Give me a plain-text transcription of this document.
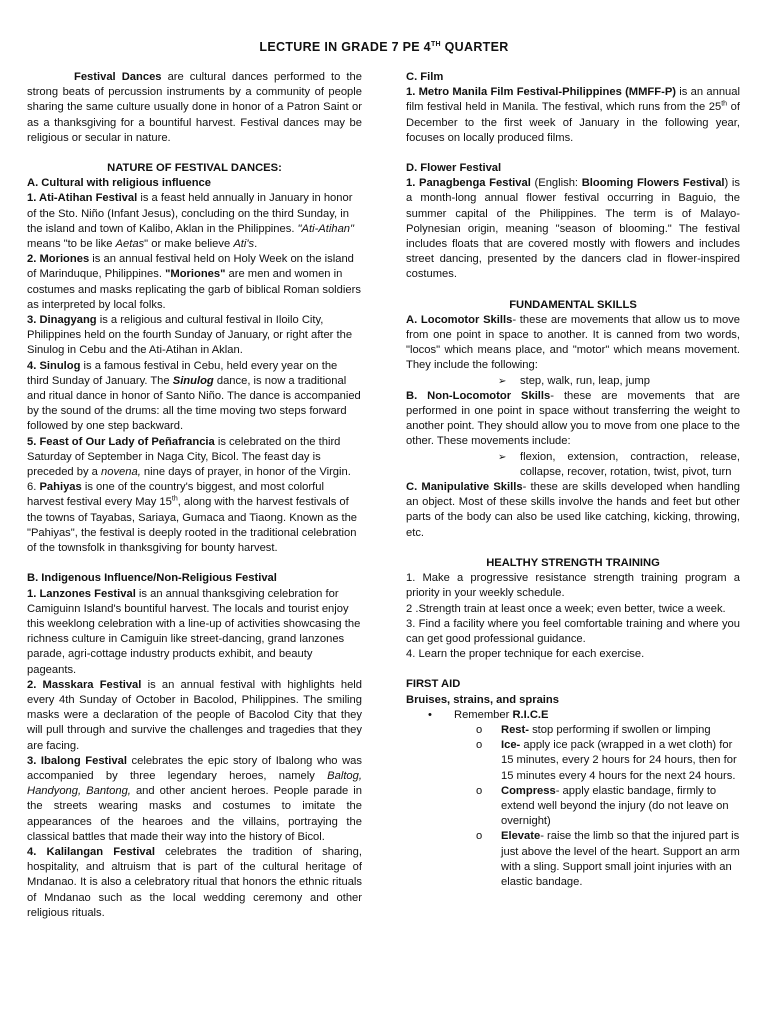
LECTURE IN GRADE 7 PE 4TH QUARTER

Festival Dances are cultural dances performed to the strong beats of percussion instruments by a community of people sharing the same culture usually done in honor of a Patron Saint or as a thanksgiving for a bountiful harvest. Festival dances may be religious or secular in nature.

NATURE OF FESTIVAL DANCES:

A. Cultural with religious influence

1. Ati-Atihan Festival is a feast held annually in January in honor of the Sto. Niño (Infant Jesus), concluding on the third Sunday, in the island and town of Kalibo, Aklan in the Philippines. "Ati-Atihan" means "to be like Aetas" or make believe Ati's.

2. Moriones is an annual festival held on Holy Week on the island of Marinduque, Philippines. "Moriones" are men and women in costumes and masks replicating the garb of biblical Roman soldiers as interpreted by local folks.

3. Dinagyang is a religious and cultural festival in Iloilo City, Philippines held on the fourth Sunday of January, or right after the Sinulog in Cebu and the Ati-Atihan in Aklan.

4. Sinulog is a famous festival in Cebu, held every year on the third Sunday of January. The Sinulog dance, is now a traditional and ritual dance in honor of Santo Niño. The dance is accompanied by the sound of the drums: all the time moving two steps forward followed by one step backward.

5. Feast of Our Lady of Peñafrancia is celebrated on the third Saturday of September in Naga City, Bicol. The feast day is preceded by a novena, nine days of prayer, in honor of the Virgin.

6. Pahiyas is one of the country's biggest, and most colorful harvest festival every May 15th, along with the harvest festivals of the towns of Tayabas, Sariaya, Gumaca and Tiaong. Known as the "Pahiyas", the festival is deeply rooted in the traditional celebration of the townsfolk in thanksgiving for bounty harvest.

B. Indigenous Influence/Non-Religious Festival

1. Lanzones Festival is an annual thanksgiving celebration for Camiguinn Island's bountiful harvest. The locals and tourist enjoy this weeklong celebration with a line-up of activities showcasing the richness culture in Camiguin like street-dancing, grand lanzones parade, agri-cottage industry products exhibit, and beauty pageants.

2. Masskara Festival is an annual festival with highlights held every 4th Sunday of October in Bacolod, Philippines. The smiling masks were a declaration of the people of Bacolod City that they will pull through and survive the challenges and tragedies that they are facing.

3. Ibalong Festival celebrates the epic story of Ibalong who was accompanied by three legendary heroes, namely Baltog, Handyong, Bantong, and other ancient heroes. People parade in the streets wearing masks and costumes to imitate the appearances of the hearoes and the villains, portraying the classical battles that made their way into the history of Bicol.

4. Kalilangan Festival celebrates the tradition of sharing, hospitality, and altruism that is part of the cultural heritage of Mndanao. It is also a celebratory ritual that honors the ethnic rituals of Mndanao such as the local wedding ceremony and other religious rituals.

C. Film

1. Metro Manila Film Festival-Philippines (MMFF-P) is an annual film festival held in Manila. The festival, which runs from the 25th of December to the first week of January in the following year, focuses on locally produced films.

D. Flower Festival

1. Panagbenga Festival (English: Blooming Flowers Festival) is a month-long annual flower festival occurring in Baguio, the summer capital of the Philippines. The term is of Malayo-Polynesian origin, meaning "season of blooming." The festival includes floats that are covered mostly with flowers and includes street dancing, presented by the dancers clad in flower-inspired costumes.

FUNDAMENTAL SKILLS

A. Locomotor Skills- these are movements that allow us to move from one point in space to another. It is canned from two words, "locos" which means place, and "motor" which means movement. They include the following:

➢	step, walk, run, leap, jump

B. Non-Locomotor Skills- these are movements that are performed in one point in space without transferring the weight to another point. They should allow you to move from one place to the other. These movements include:

➢	flexion, extension, contraction, release, collapse, recover, rotation, twist, pivot, turn

C. Manipulative Skills- these are skills developed when handling an object. Most of these skills involve the hands and feet but other parts of the body can also be used like catching, kicking, throwing, etc.

HEALTHY STRENGTH TRAINING

1. Make a progressive resistance strength training program a priority in your weekly schedule.

2 .Strength train at least once a week; even better, twice a week.

3. Find a facility where you feel comfortable training and where you can get good professional guidance.

4. Learn the proper technique for each exercise.

FIRST AID

Bruises, strains, and sprains

•	Remember R.I.C.E
o	Rest- stop performing if swollen or limping
o	Ice- apply ice pack (wrapped in a wet cloth) for 15 minutes, every 2 hours for 24 hours, then for 15 minutes every 4 hours for the next 24 hours.
o	Compress- apply elastic bandage, firmly to extend well beyond the injury (do not leave on overnight)
o	Elevate- raise the limb so that the injured part is just above the level of the heart. Support an arm with a sling. Support small joint injuries with an elastic bandage.
